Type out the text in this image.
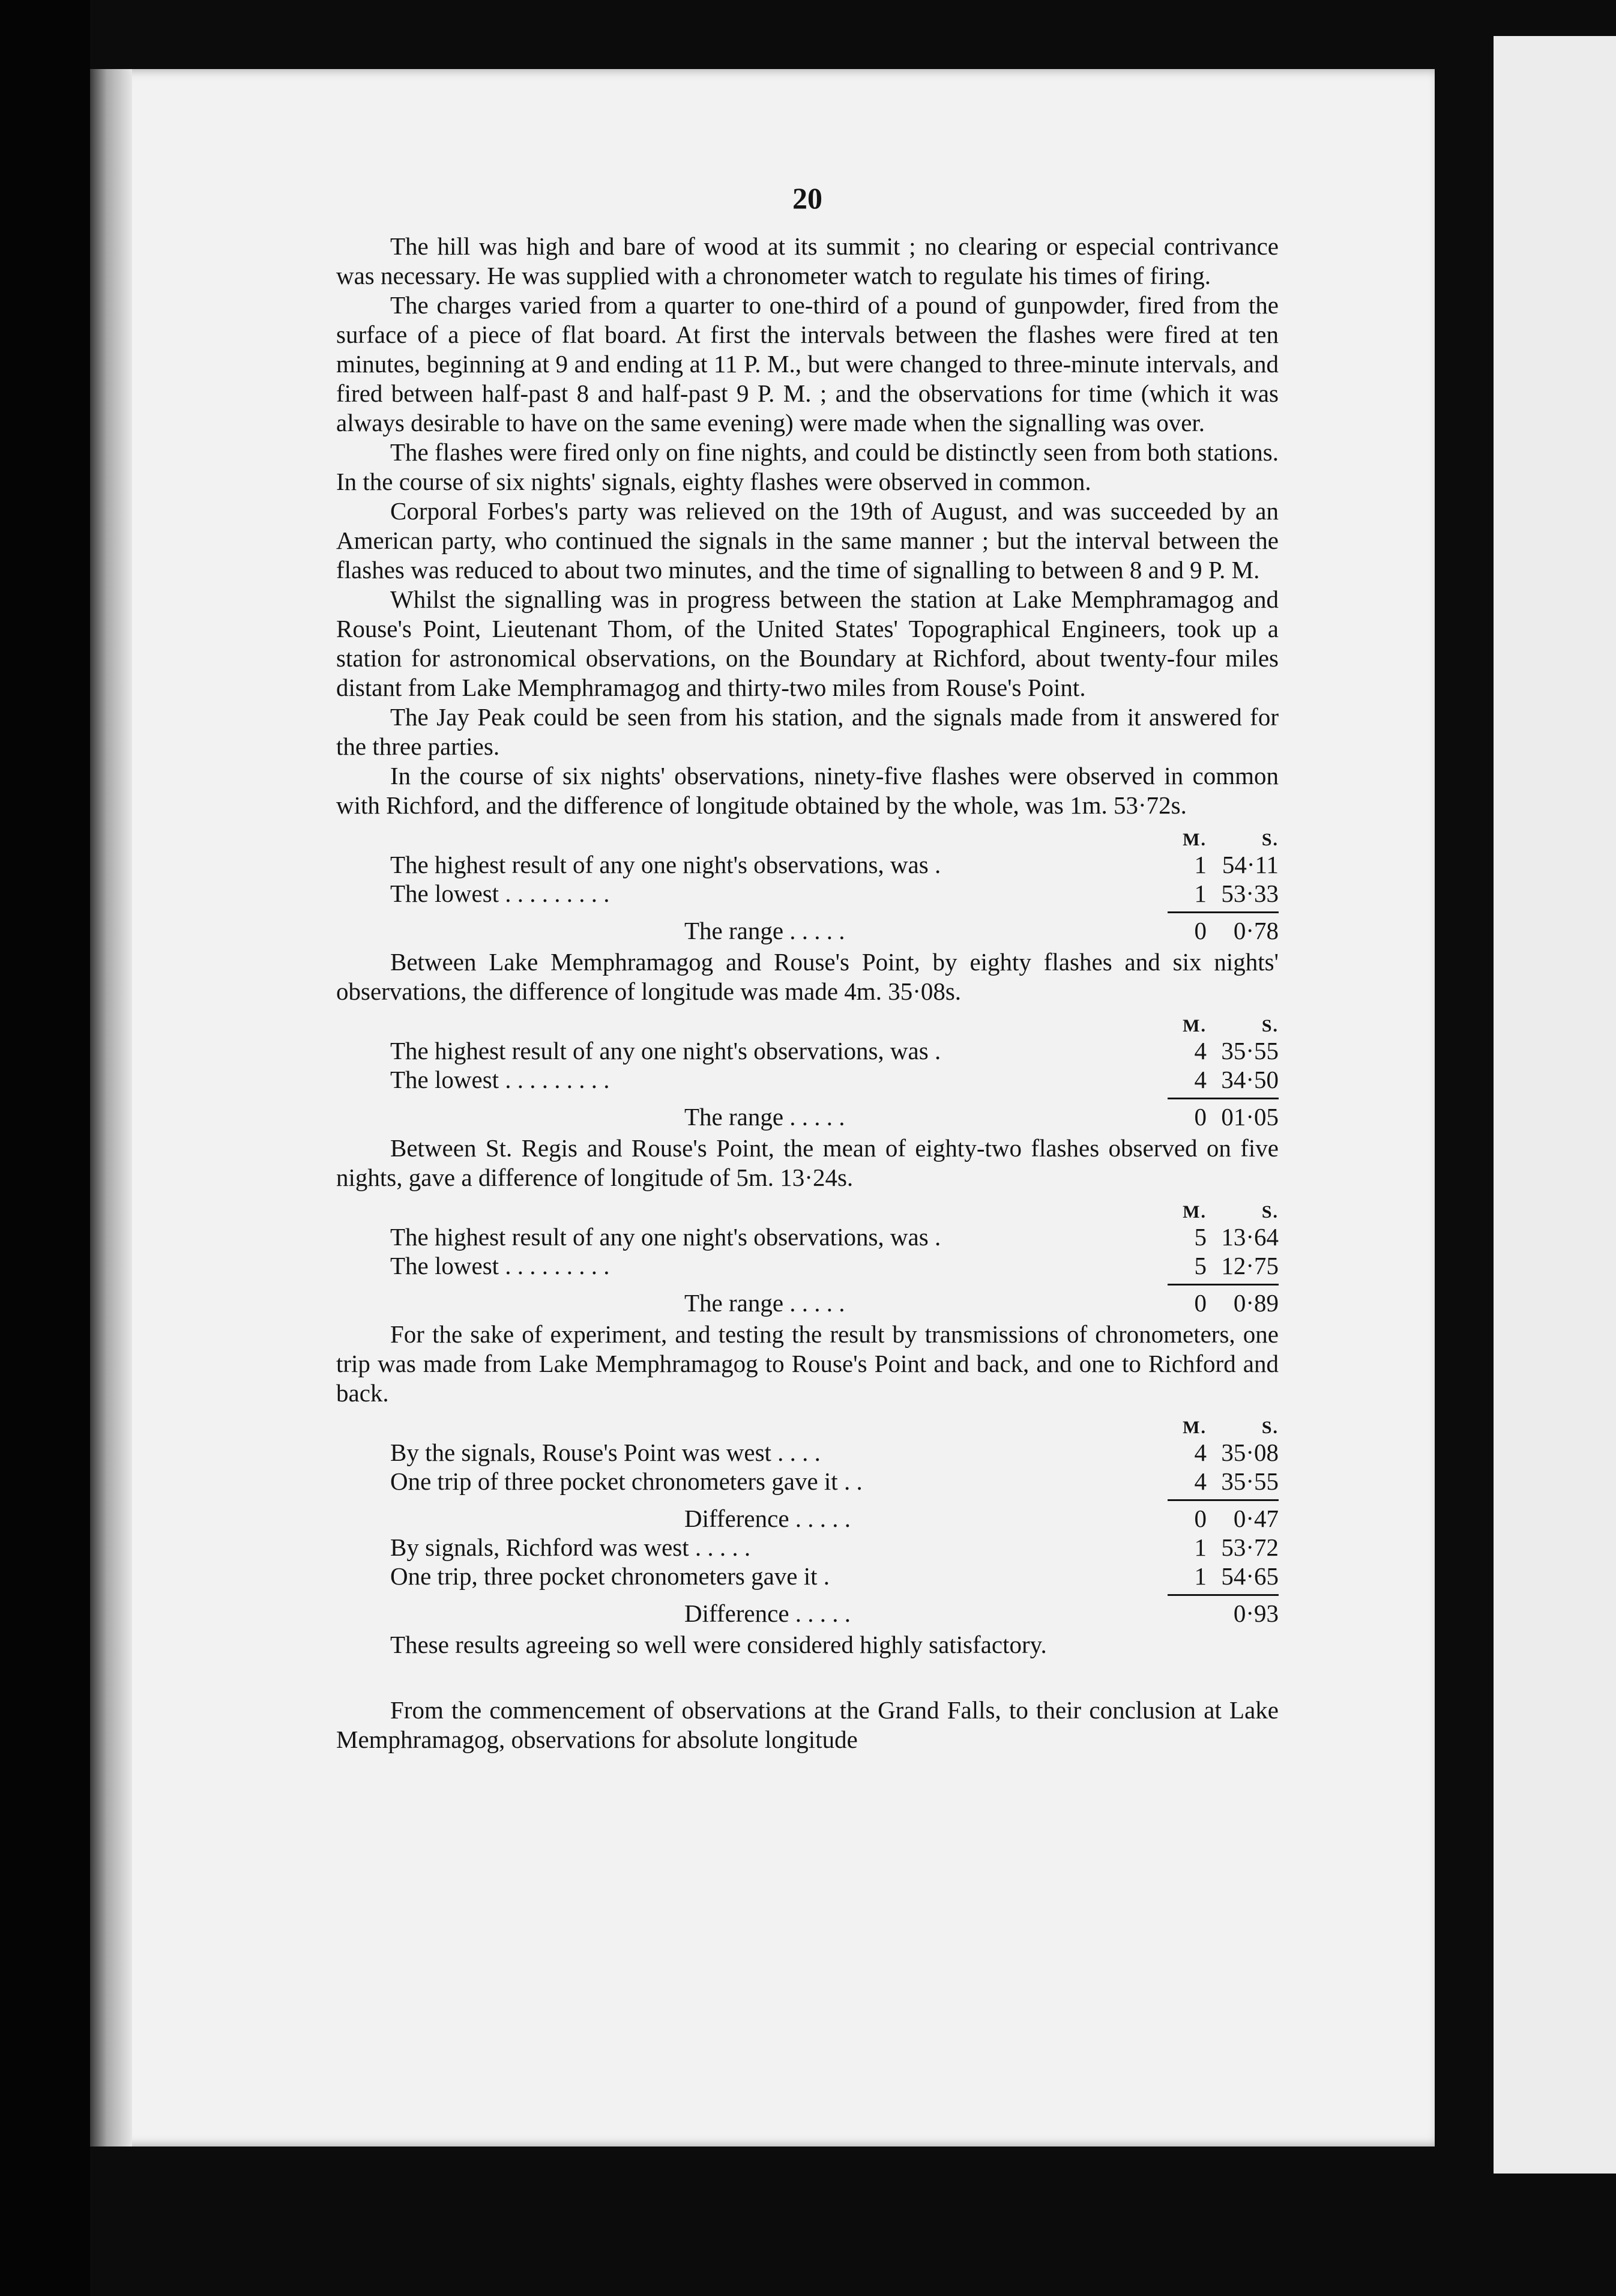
20

The hill was high and bare of wood at its summit ; no clearing or especial contrivance was necessary. He was supplied with a chronometer watch to regulate his times of firing.

The charges varied from a quarter to one-third of a pound of gunpowder, fired from the surface of a piece of flat board. At first the intervals between the flashes were fired at ten minutes, beginning at 9 and ending at 11 P. M., but were changed to three-minute intervals, and fired between half-past 8 and half-past 9 P. M. ; and the observations for time (which it was always desirable to have on the same evening) were made when the signalling was over.

The flashes were fired only on fine nights, and could be distinctly seen from both stations. In the course of six nights' signals, eighty flashes were observed in common.

Corporal Forbes's party was relieved on the 19th of August, and was succeeded by an American party, who continued the signals in the same manner ; but the interval between the flashes was reduced to about two minutes, and the time of signalling to between 8 and 9 P. M.

Whilst the signalling was in progress between the station at Lake Memphramagog and Rouse's Point, Lieutenant Thom, of the United States' Topographical Engineers, took up a station for astronomical observations, on the Boundary at Richford, about twenty-four miles distant from Lake Memphramagog and thirty-two miles from Rouse's Point.

The Jay Peak could be seen from his station, and the signals made from it answered for the three parties.

In the course of six nights' observations, ninety-five flashes were observed in common with Richford, and the difference of longitude obtained by the whole, was 1m. 53·72s.

M.	S.
The highest result of any one night's observations, was .	1 54·11
The lowest . . . . . . . . .	1 53·33
The range . . . . .	0	0·78

Between Lake Memphramagog and Rouse's Point, by eighty flashes and six nights' observations, the difference of longitude was made 4m. 35·08s.

M.	S.
The highest result of any one night's observations, was .	4 35·55
The lowest . . . . . . . . .	4 34·50
The range . . . . .	0 01·05

Between St. Regis and Rouse's Point, the mean of eighty-two flashes observed on five nights, gave a difference of longitude of 5m. 13·24s.

M.	S.
The highest result of any one night's observations, was .	5 13·64
The lowest . . . . . . . . .	5 12·75
The range . . . . .	0	0·89

For the sake of experiment, and testing the result by transmissions of chronometers, one trip was made from Lake Memphramagog to Rouse's Point and back, and one to Richford and back.

M.	S.
By the signals, Rouse's Point was west . . . .	4 35·08
One trip of three pocket chronometers gave it . .	4 35·55
Difference . . . . .	0	0·47
By signals, Richford was west . . . . .	1 53·72
One trip, three pocket chronometers gave it .	1 54·65
Difference . . . . .	0·93

These results agreeing so well were considered highly satisfactory.

From the commencement of observations at the Grand Falls, to their conclusion at Lake Memphramagog, observations for absolute longitude
